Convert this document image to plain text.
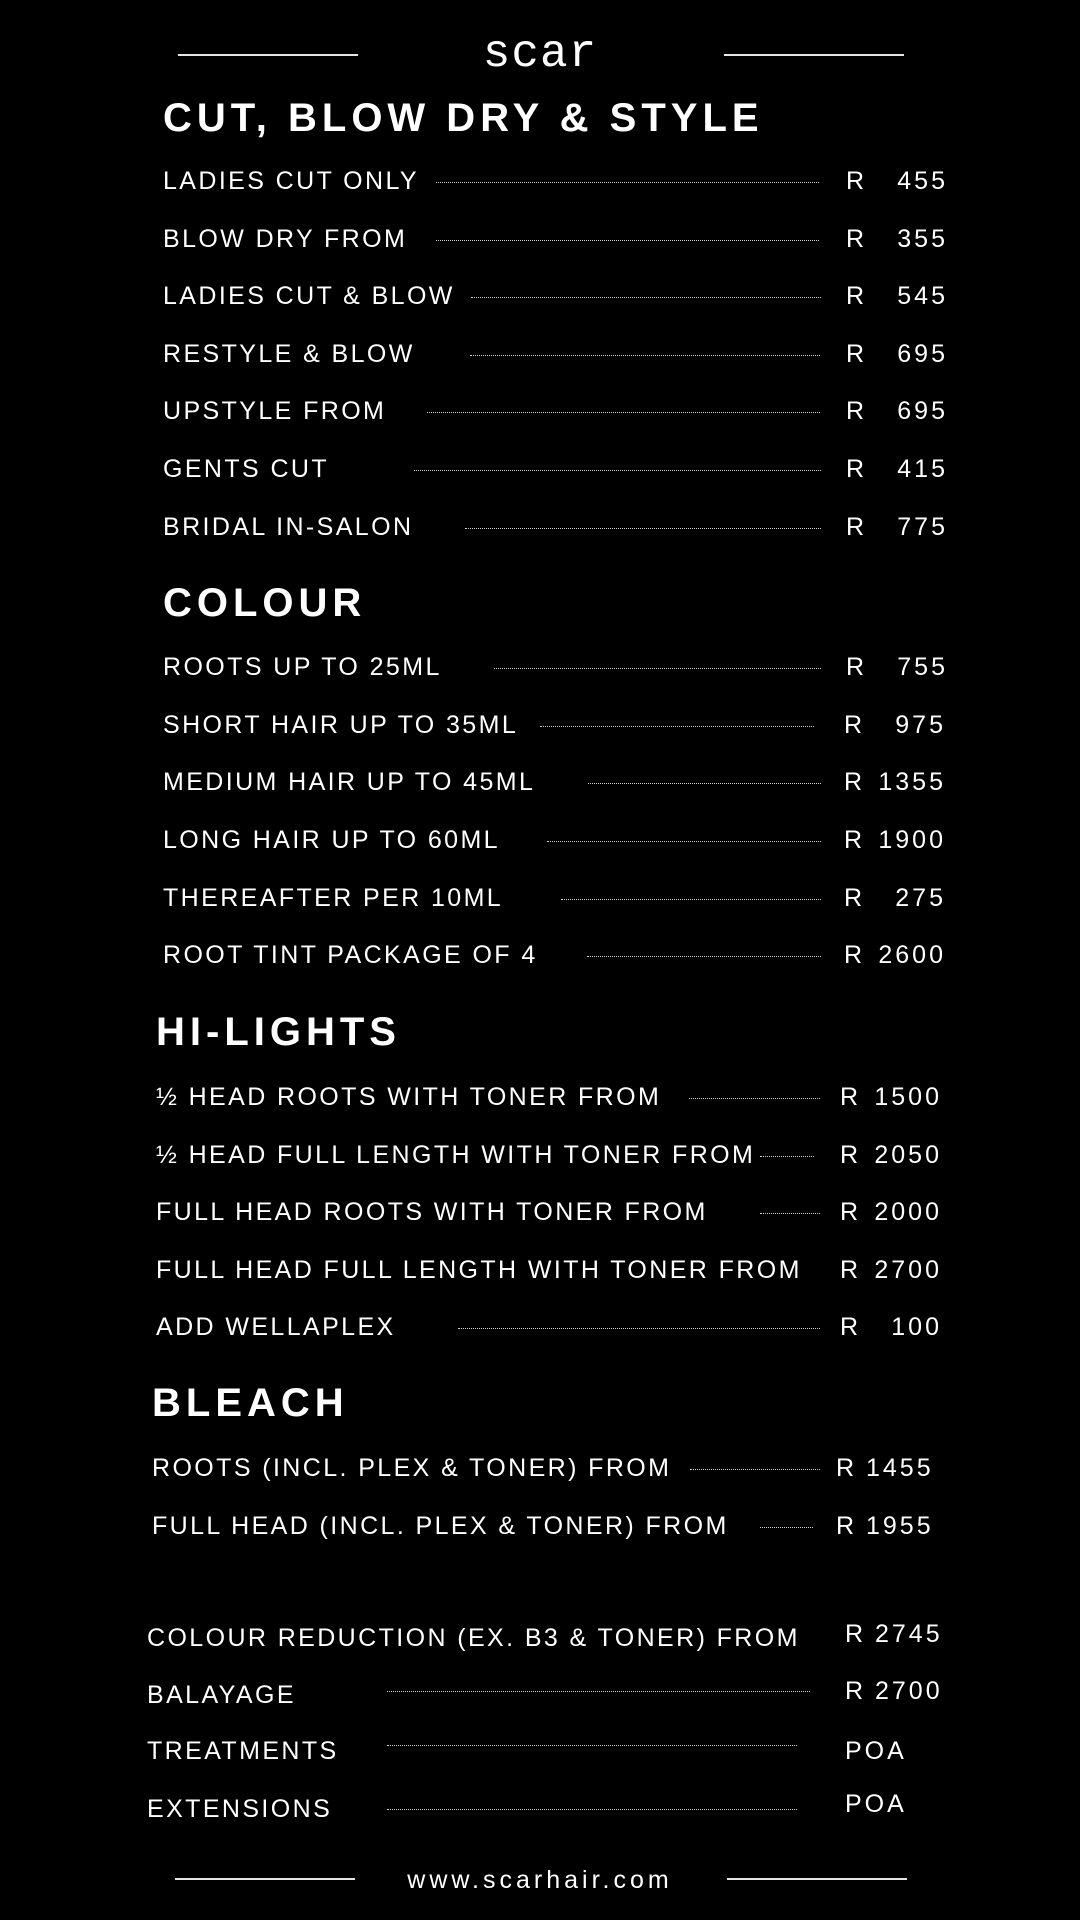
scar
CUT, BLOW DRY & STYLE
LADIES CUT ONLY	R 455
BLOW DRY FROM	R 355
LADIES CUT & BLOW	R 545
RESTYLE & BLOW	R 695
UPSTYLE FROM	R 695
GENTS CUT	R 415
BRIDAL IN-SALON	R 775
COLOUR
ROOTS UP TO 25ML	R 755
SHORT HAIR UP TO 35ML	R 975
MEDIUM HAIR UP TO 45ML	R 1355
LONG HAIR UP TO 60ML	R 1900
THEREAFTER PER 10ML	R 275
ROOT TINT PACKAGE OF 4	R 2600
HI-LIGHTS
½ HEAD ROOTS WITH TONER FROM	R 1500
½ HEAD FULL LENGTH WITH TONER FROM	R 2050
FULL HEAD ROOTS WITH TONER FROM	R 2000
FULL HEAD FULL LENGTH WITH TONER FROM R 2700
ADD WELLAPLEX	R 100
BLEACH
ROOTS (INCL. PLEX & TONER) FROM	R 1455
FULL HEAD (INCL. PLEX & TONER) FROM	R 1955
COLOUR REDUCTION (EX. B3 & TONER) FROM R 2745
BALAYAGE	R 2700
TREATMENTS	POA
EXTENSIONS	POA
www.scarhair.com
